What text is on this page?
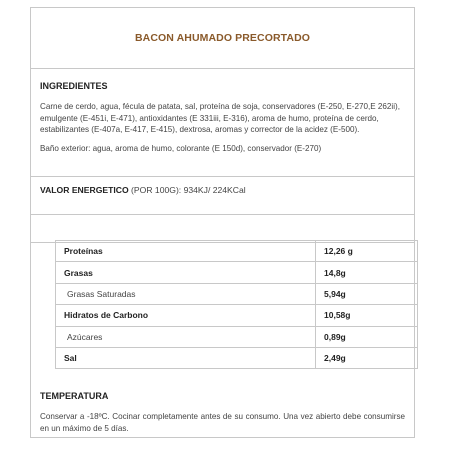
BACON AHUMADO PRECORTADO

INGREDIENTES

Carne de cerdo, agua, fécula de patata, sal, proteína de soja, conservadores (E-250, E-270,E 262ii), emulgente (E-451i, E-471), antioxidantes (E 331iii, E-316), aroma de humo, proteína de cerdo, estabilizantes (E-407a, E-417, E-415), dextrosa, aromas y corrector de la acidez (E-500).

Baño exterior: agua, aroma de humo, colorante (E 150d), conservador (E-270)

VALOR ENERGETICO (POR 100G): 934KJ/ 224KCal

TEMPERATURA

Conservar a -18ºC. Cocinar completamente antes de su consumo. Una vez abierto debe consumirse en un máximo de 5 días.

Proteínas	12,26 g
Grasas	14,8g
Grasas Saturadas	5,94g
Hidratos de Carbono	10,58g
Azúcares	0,89g
Sal	2,49g
